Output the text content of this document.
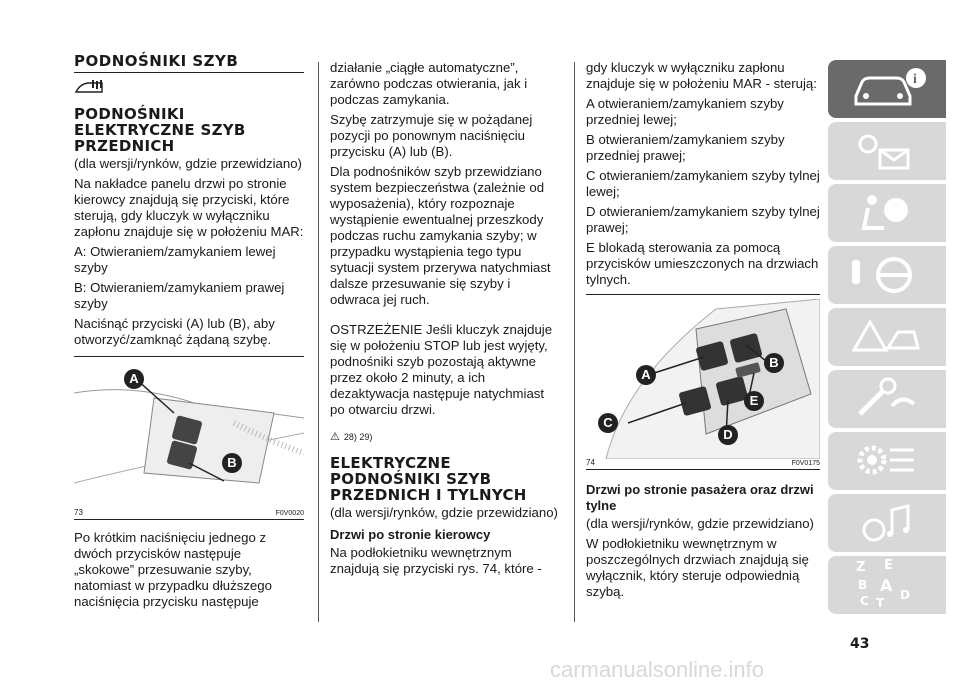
PODNOŚNIKI SZYB
PODNOŚNIKI ELEKTRYCZNE SZYB PRZEDNICH

(dla wersji/rynków, gdzie przewidziano)

Na nakładce panelu drzwi po stronie kierowcy znajdują się przyciski, które sterują, gdy kluczyk w wyłączniku zapłonu znajduje się w położeniu MAR:

A: Otwieraniem/zamykaniem lewej szyby

B: Otwieraniem/zamykaniem prawej szyby

Naciśnąć przyciski (A) lub (B), aby otworzyć/zamknąć żądaną szybę.

A
B
73	F0V0020

Po krótkim naciśnięciu jednego z dwóch przycisków następuje „skokowe” przesuwanie szyby, natomiast w przypadku dłuższego naciśnięcia przycisku następuje

działanie „ciągłe automatyczne”, zarówno podczas otwierania, jak i podczas zamykania.

Szybę zatrzymuje się w pożądanej pozycji po ponownym naciśnięciu przycisku (A) lub (B).

Dla podnośników szyb przewidziano system bezpieczeństwa (zależnie od wyposażenia), który rozpoznaje wystąpienie ewentualnej przeszkody podczas ruchu zamykania szyby; w przypadku wystąpienia tego typu sytuacji system przerywa natychmiast dalsze przesuwanie się szyby i odwraca jej ruch.

OSTRZEŻENIE Jeśli kluczyk znajduje się w położeniu STOP lub jest wyjęty, podnośniki szyb pozostają aktywne przez około 2 minuty, a ich dezaktywacja następuje natychmiast po otwarciu drzwi.

⚠ 28) 29)
ELEKTRYCZNE PODNOŚNIKI SZYB PRZEDNICH I TYLNYCH

(dla wersji/rynków, gdzie przewidziano)

Drzwi po stronie kierowcy

Na podłokietniku wewnętrznym znajdują się przyciski rys. 74, które -

gdy kluczyk w wyłączniku zapłonu znajduje się w położeniu MAR - sterują:

A otwieraniem/zamykaniem szyby przedniej lewej;

B otwieraniem/zamykaniem szyby przedniej prawej;

C otwieraniem/zamykaniem szyby tylnej lewej;

D otwieraniem/zamykaniem szyby tylnej prawej;

E blokadą sterowania za pomocą przycisków umieszczonych na drzwiach tylnych.

A
B
C
D
E
74	F0V0175
Drzwi po stronie pasażera oraz drzwi tylne

(dla wersji/rynków, gdzie przewidziano)

W podłokietniku wewnętrznym w poszczególnych drzwiach znajdują się wyłącznik, który steruje odpowiednią szybą.

i
Z E
B A
C T
D
43
carmanualsonline.info
